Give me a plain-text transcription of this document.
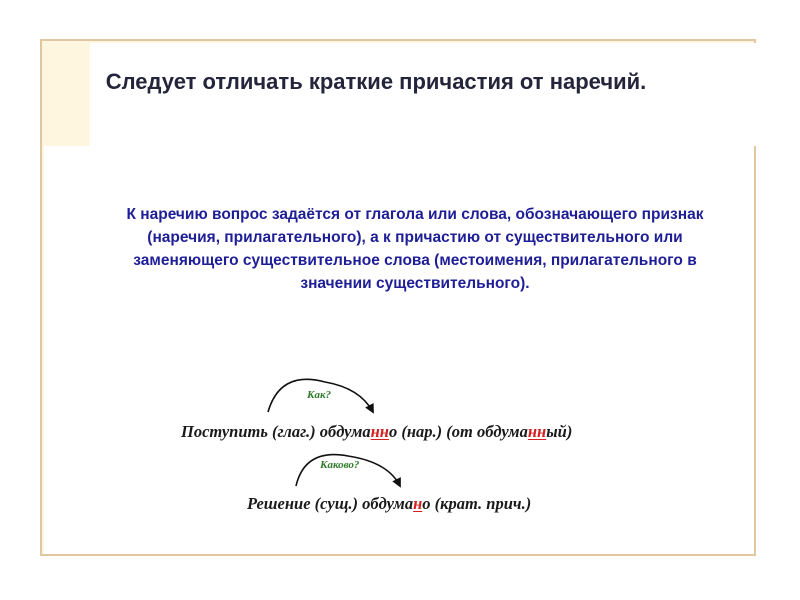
Следует отличать краткие причастия от наречий.

К наречию вопрос задаётся от глагола или слова, обозначающего признак (наречия, прилагательного), а к причастию от существительного или заменяющего существительное слова (местоимения, прилагательного в значении существительного).

Как?
Поступить (глаг.) обдуманно (нар.) (от обдуманный)
Каково?
Решение (сущ.) обдумано (крат. прич.)
